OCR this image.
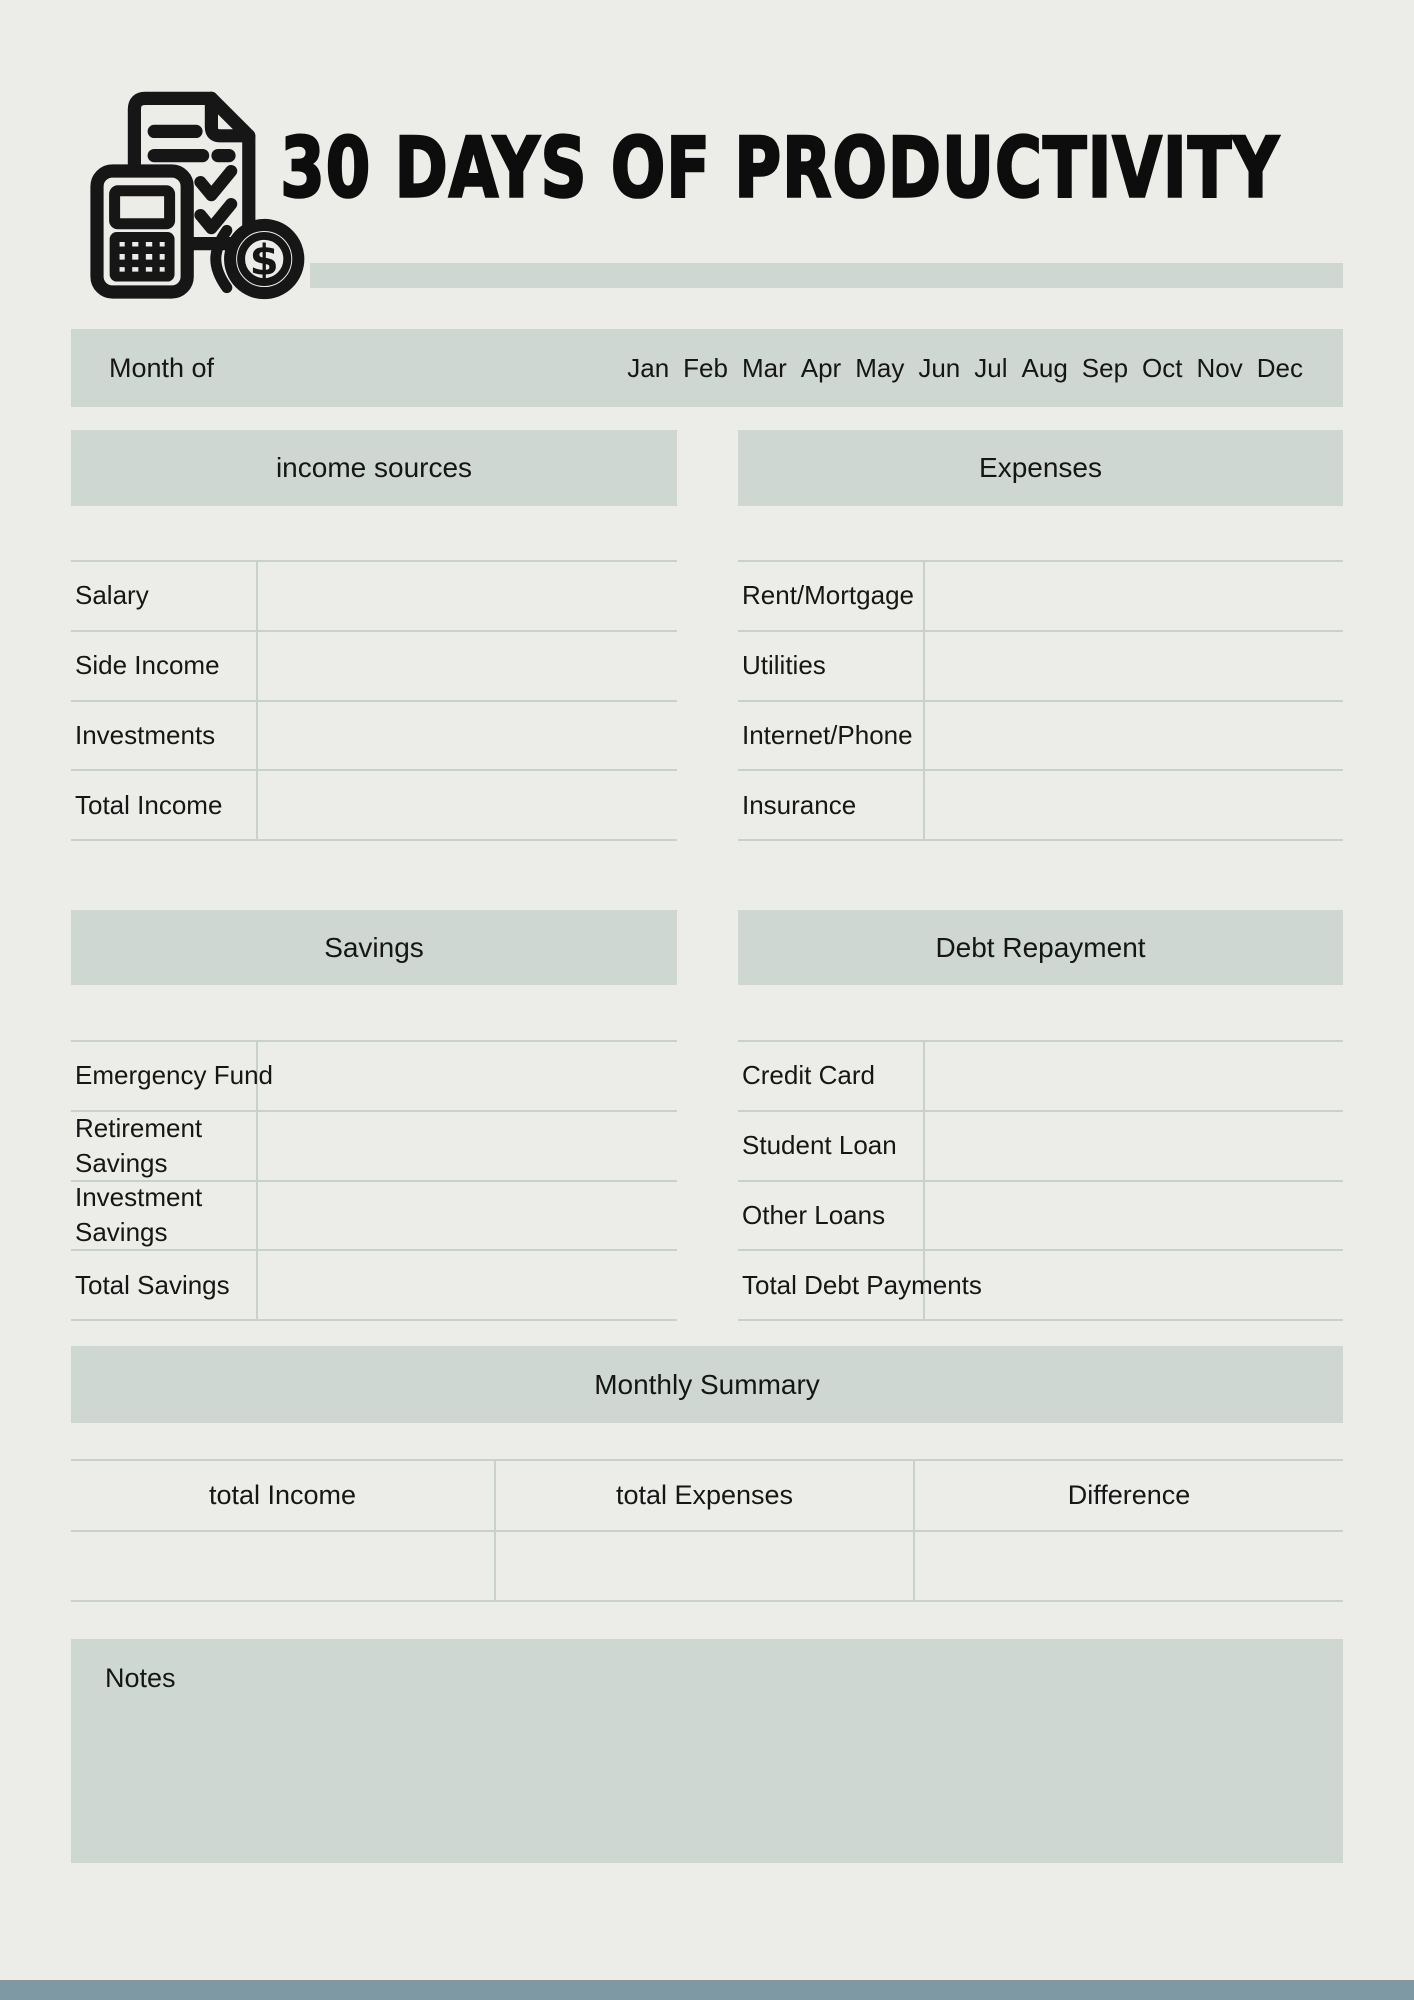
$
30 DAYS OF PRODUCTIVITY
Month of	Jan Feb Mar Apr May Jun Jul Aug Sep Oct Nov Dec
income sources	Expenses
Salary
Side Income
Investments
Total Income
Rent/Mortgage
Utilities
Internet/Phone
Insurance
Savings	Debt Repayment
Emergency Fund
Retirement Savings
Investment Savings
Total Savings
Credit Card
Student Loan
Other Loans
Total Debt Payments
Monthly Summary
total Income	total Expenses	Difference
Notes
